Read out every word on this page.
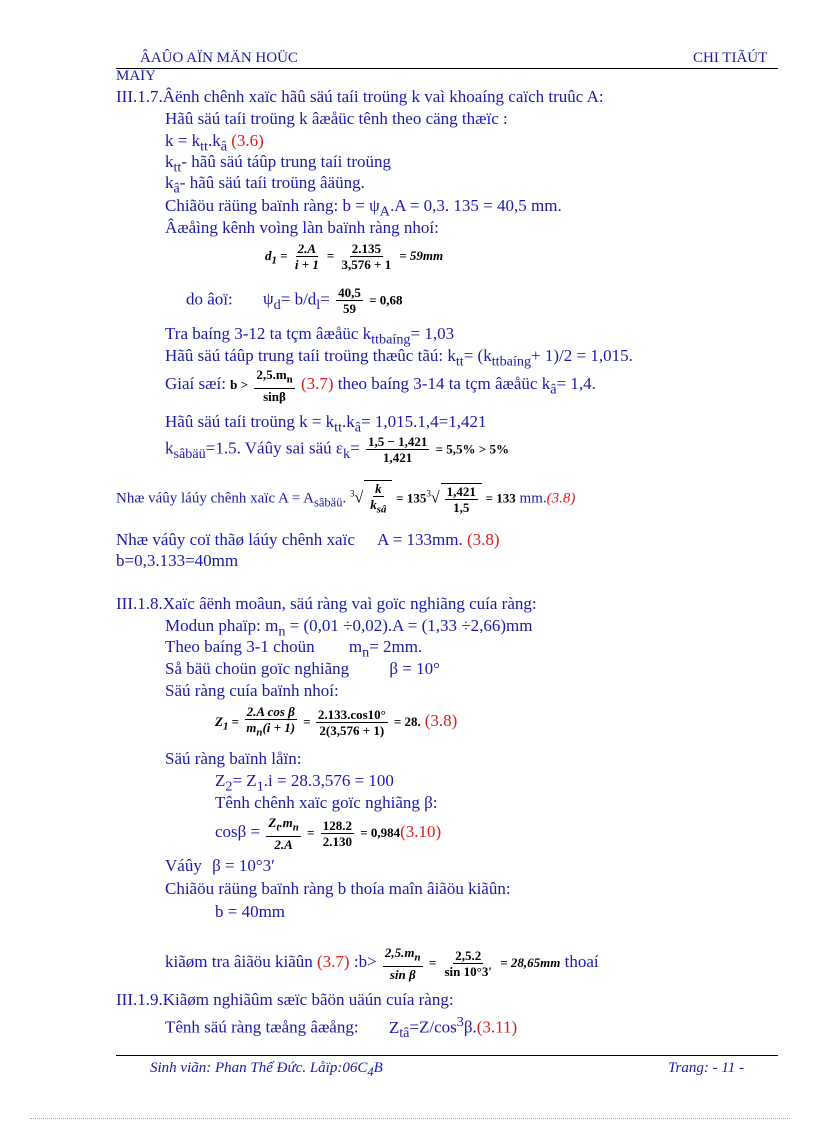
ÂAÛO AÏN MÄN HOÜC	CHI TIÃÚT
MAÏY
III.1.7.Âënh chênh xaïc hãû säú taíi troüng k vaì khoaíng caïch truûc A:
Hãû säú taíi troüng k âæåüc tênh theo cäng thæïc :
$k = k_{tt}.k_â$ (3.6)
$k_{tt}-$ hãû säú táûp trung taíi troüng
$k_â-$ hãû säú taíi troüng âäüng.
Chiãöu räüng baïnh ràng: $b = \psi_A.A = 0,3$. 135 = 40,5 mm.
Âæåìng kênh voìng làn baïnh ràng nhoí:
$d_1 = \frac{2.A}{i + 1} = \frac{2.135}{3,576 + 1} = 59mm$
do âoï: $\psi_d= b/d_l= \frac{40,5}{59} = 0,68$
Tra baíng 3-12 ta tçm âæåüc $k_{ttbaíng}= 1,03$
Hãû säú táûp trung taíi troüng thæûc tãú: $k_{tt}= (k_{ttbaíng}+ 1)/2 = 1,015$.
Giaí sæí: $b > \frac{2,5.m_n}{\sin\beta} (3.7)$ theo baíng 3-14 ta tçm âæåüc $k_â= 1,4$.
Hãû säú taíi troüng $k = k_{tt}.k_â= 1,015.1,4=1,421$
$k_{sâbäü}=1.5$. Váûy sai säú $\varepsilon_k= \frac{1,5 - 1,421}{1,421} = 5,5\% > 5\%$
Nhæ váûy láúy chênh xaïc $A = A_{sâbäü}$. $^3√ \frac{k}{k_{sâ}} = 135^3√ \frac{1,421}{1,5} = 133$ mm.(3.8)
Nhæ váûy coï thãø láúy chênh xaïc A = 133mm. (3.8)
b=0,3.133=40mm
III.1.8.Xaïc âënh moâun, säú ràng vaì goïc nghiãng cuía ràng:
Modun phaïp: $m_n = (0,01 \div 0,02).A = (1,33 \div 2,66)mm$
Theo baíng 3-1 choün $m_n= 2mm$.
Så bäü choün goïc nghiãng β = 10°
Säú ràng cuía baïnh nhoí:
$Z_1 = \frac{\text{2.A cos β}}{m_n(i + 1)} = \frac{2.133.\cos 10^\circ}{2(3,576 + 1)} = 28$. (3.8)
Säú ràng baïnh låïn:
$Z_2= Z_1.i = 28.3,576 = 100$
Tênh chênh xaïc goïc nghiãng β:
$\cos\beta = \frac{Z_t.m_n}{2.A} = \frac{128.2}{2.130} = 0,984(3.10)$
Váûy β = 10°3′
Chiãöu räüng baïnh ràng b thoía maîn âiãöu kiãûn:
b = 40mm
kiãøm tra âiãöu kiãûn (3.7) :b> $\frac{2,5.m_n}{\text{sin β}} = \frac{2,5.2}{\sin 10^\circ 3'} = 28,65mm$ thoaí
III.1.9.Kiãøm nghiãûm sæïc bãön uäún cuía ràng:
Tênh säú ràng tæång âæång: $Z_{tâ}=Z/\cos^3\beta.(3.11)$
Sinh viãn: Phan Thế Đức. $Låïp:06C_4B$	Trang: - 11 -
